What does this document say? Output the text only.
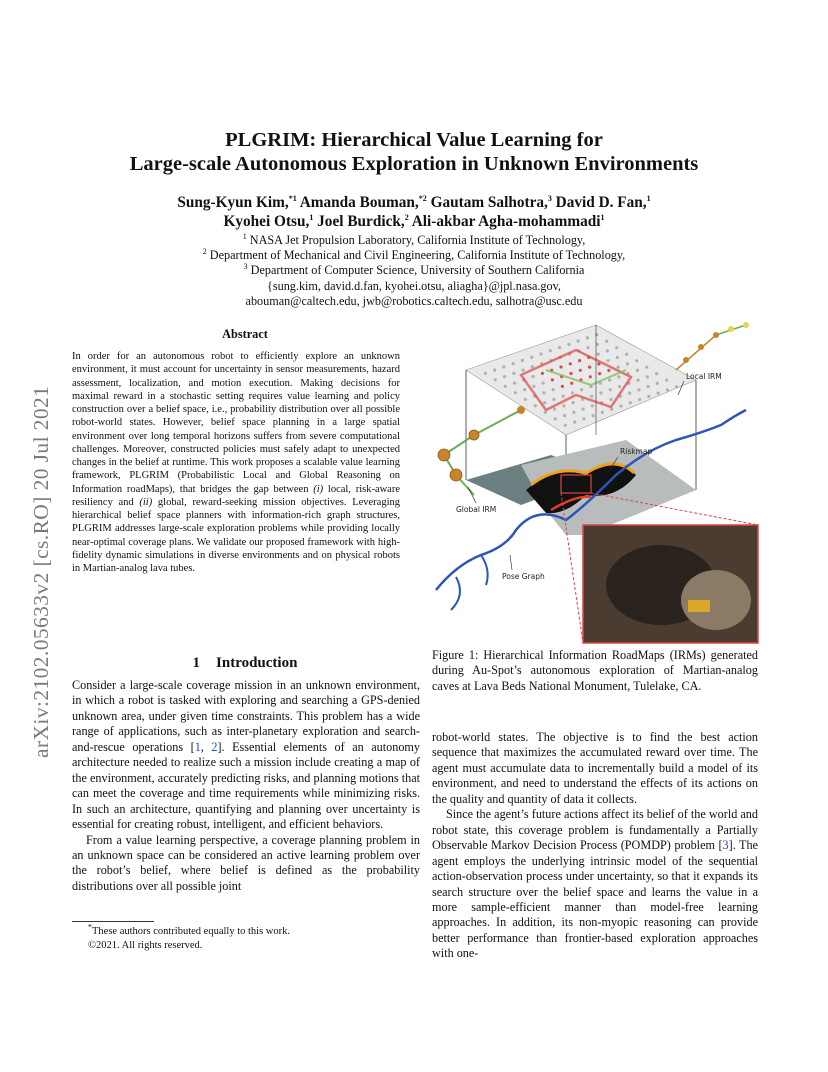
arXiv:2102.05633v2 [cs.RO] 20 Jul 2021
PLGRIM: Hierarchical Value Learning for
Large-scale Autonomous Exploration in Unknown Environments
Sung-Kyun Kim,$^{*1}$ Amanda Bouman,$^{*2}$ Gautam Salhotra,$^3$ David D. Fan,$^1$
Kyohei Otsu,$^1$ Joel Burdick,$^2$ Ali-akbar Agha-mohammadi$^1$
$^1$ NASA Jet Propulsion Laboratory, California Institute of Technology,
$^2$ Department of Mechanical and Civil Engineering, California Institute of Technology,
$^3$ Department of Computer Science, University of Southern California
{sung.kim, david.d.fan, kyohei.otsu, aliagha}@jpl.nasa.gov,
abouman@caltech.edu, jwb@robotics.caltech.edu, salhotra@usc.edu
Abstract
In order for an autonomous robot to efficiently explore an unknown environment, it must account for uncertainty in sensor measurements, hazard assessment, localization, and motion execution. Making decisions for maximal reward in a stochastic setting requires value learning and policy construction over a belief space, i.e., probability distribution over all possible robot-world states. However, belief space planning in a large spatial environment over long temporal horizons suffers from severe computational challenges. Moreover, constructed policies must safely adapt to unexpected changes in the belief at runtime. This work proposes a scalable value learning framework, PLGRIM (Probabilistic Local and Global Reasoning on Information roadMaps), that bridges the gap between (i) local, risk-aware resiliency and (ii) global, reward-seeking mission objectives. Leveraging hierarchical belief space planners with information-rich graph structures, PLGRIM addresses large-scale exploration problems while providing locally near-optimal coverage plans. We validate our proposed framework with high-fidelity dynamic simulations in diverse environments and on physical robots in Martian-analog lava tubes.
1 Introduction

Consider a large-scale coverage mission in an unknown environment, in which a robot is tasked with exploring and searching a GPS-denied unknown area, under given time constraints. This problem has a wide range of applications, such as inter-planetary exploration and search-and-rescue operations [1, 2]. Essential elements of an autonomy architecture needed to realize such a mission include creating a map of the environment, accurately predicting risks, and planning motions that can meet the coverage and time requirements while minimizing risks. In such an architecture, quantifying and planning over uncertainty is essential for creating robust, intelligent, and efficient behaviors.

From a value learning perspective, a coverage planning problem in an unknown space can be considered an active learning problem over the robot’s belief, where belief is defined as the probability distributions over all possible joint

*These authors contributed equally to this work.
©2021. All rights reserved.
Local IRM
Riskmap
Global IRM
Pose Graph
Figure 1: Hierarchical Information RoadMaps (IRMs) generated during Au-Spot’s autonomous exploration of Martian-analog caves at Lava Beds National Monument, Tulelake, CA.

robot-world states. The objective is to find the best action sequence that maximizes the accumulated reward over time. The agent must accumulate data to incrementally build a model of its environment, and need to understand the effects of its actions on the quality and quantity of data it collects.

Since the agent’s future actions affect its belief of the world and robot state, this coverage problem is fundamentally a Partially Observable Markov Decision Process (POMDP) problem [3]. The agent employs the underlying intrinsic model of the sequential action-observation process under uncertainty, so that it expands its search structure over the belief space and learns the value in a more sample-efficient manner than model-free learning approaches. In addition, its non-myopic reasoning can provide better performance than frontier-based exploration approaches with one-
